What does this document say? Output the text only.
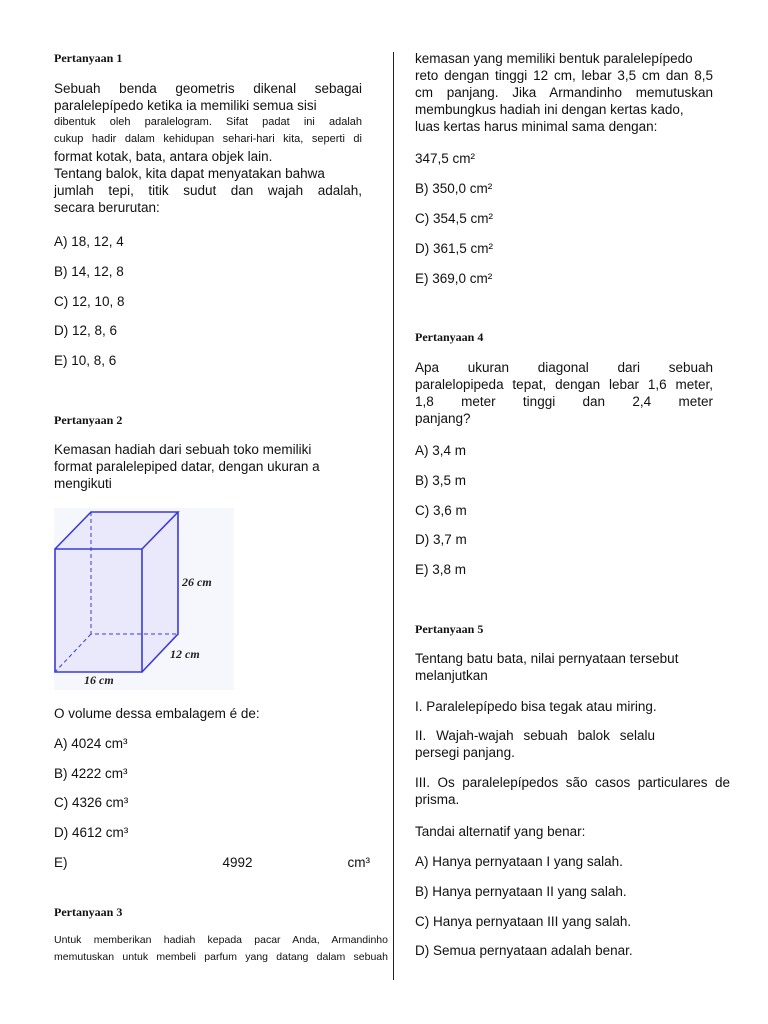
Pertanyaan 1

Sebuah benda geometris dikenal sebagai
paralelepípedo ketika ia memiliki semua sisi
dibentuk oleh paralelogram. Sifat padat ini adalah
cukup hadir dalam kehidupan sehari-hari kita, seperti di
format kotak, bata, antara objek lain.
Tentang balok, kita dapat menyatakan bahwa
jumlah tepi, titik sudut dan wajah adalah,
secara berurutan:

A) 18, 12, 4

B) 14, 12, 8

C) 12, 10, 8

D) 12, 8, 6

E) 10, 8, 6

Pertanyaan 2

Kemasan hadiah dari sebuah toko memiliki
format paralelepiped datar, dengan ukuran a
mengikuti
26 cm
12 cm
16 cm

O volume dessa embalagem é de:

A) 4024 cm³

B) 4222 cm³

C) 4326 cm³

D) 4612 cm³

E)	4992	cm³

Pertanyaan 3

Untuk memberikan hadiah kepada pacar Anda, Armandinho
memutuskan untuk membeli parfum yang datang dalam sebuah
kemasan yang memiliki bentuk paralelepípedo
reto dengan tinggi 12 cm, lebar 3,5 cm dan 8,5
cm panjang. Jika Armandinho memutuskan
membungkus hadiah ini dengan kertas kado,
luas kertas harus minimal sama dengan:

347,5 cm²

B) 350,0 cm²

C) 354,5 cm²

D) 361,5 cm²

E) 369,0 cm²

Pertanyaan 4

Apa ukuran diagonal dari sebuah
paralelopipeda tepat, dengan lebar 1,6 meter,
1,8 meter tinggi dan 2,4 meter
panjang?

A) 3,4 m

B) 3,5 m

C) 3,6 m

D) 3,7 m

E) 3,8 m

Pertanyaan 5

Tentang batu bata, nilai pernyataan tersebut
melanjutkan

I. Paralelepípedo bisa tegak atau miring.

II. Wajah-wajah sebuah balok selalu
persegi panjang.
III. Os paralelepípedos são casos particulares de
prisma.

Tandai alternatif yang benar:

A) Hanya pernyataan I yang salah.

B) Hanya pernyataan II yang salah.

C) Hanya pernyataan III yang salah.

D) Semua pernyataan adalah benar.
